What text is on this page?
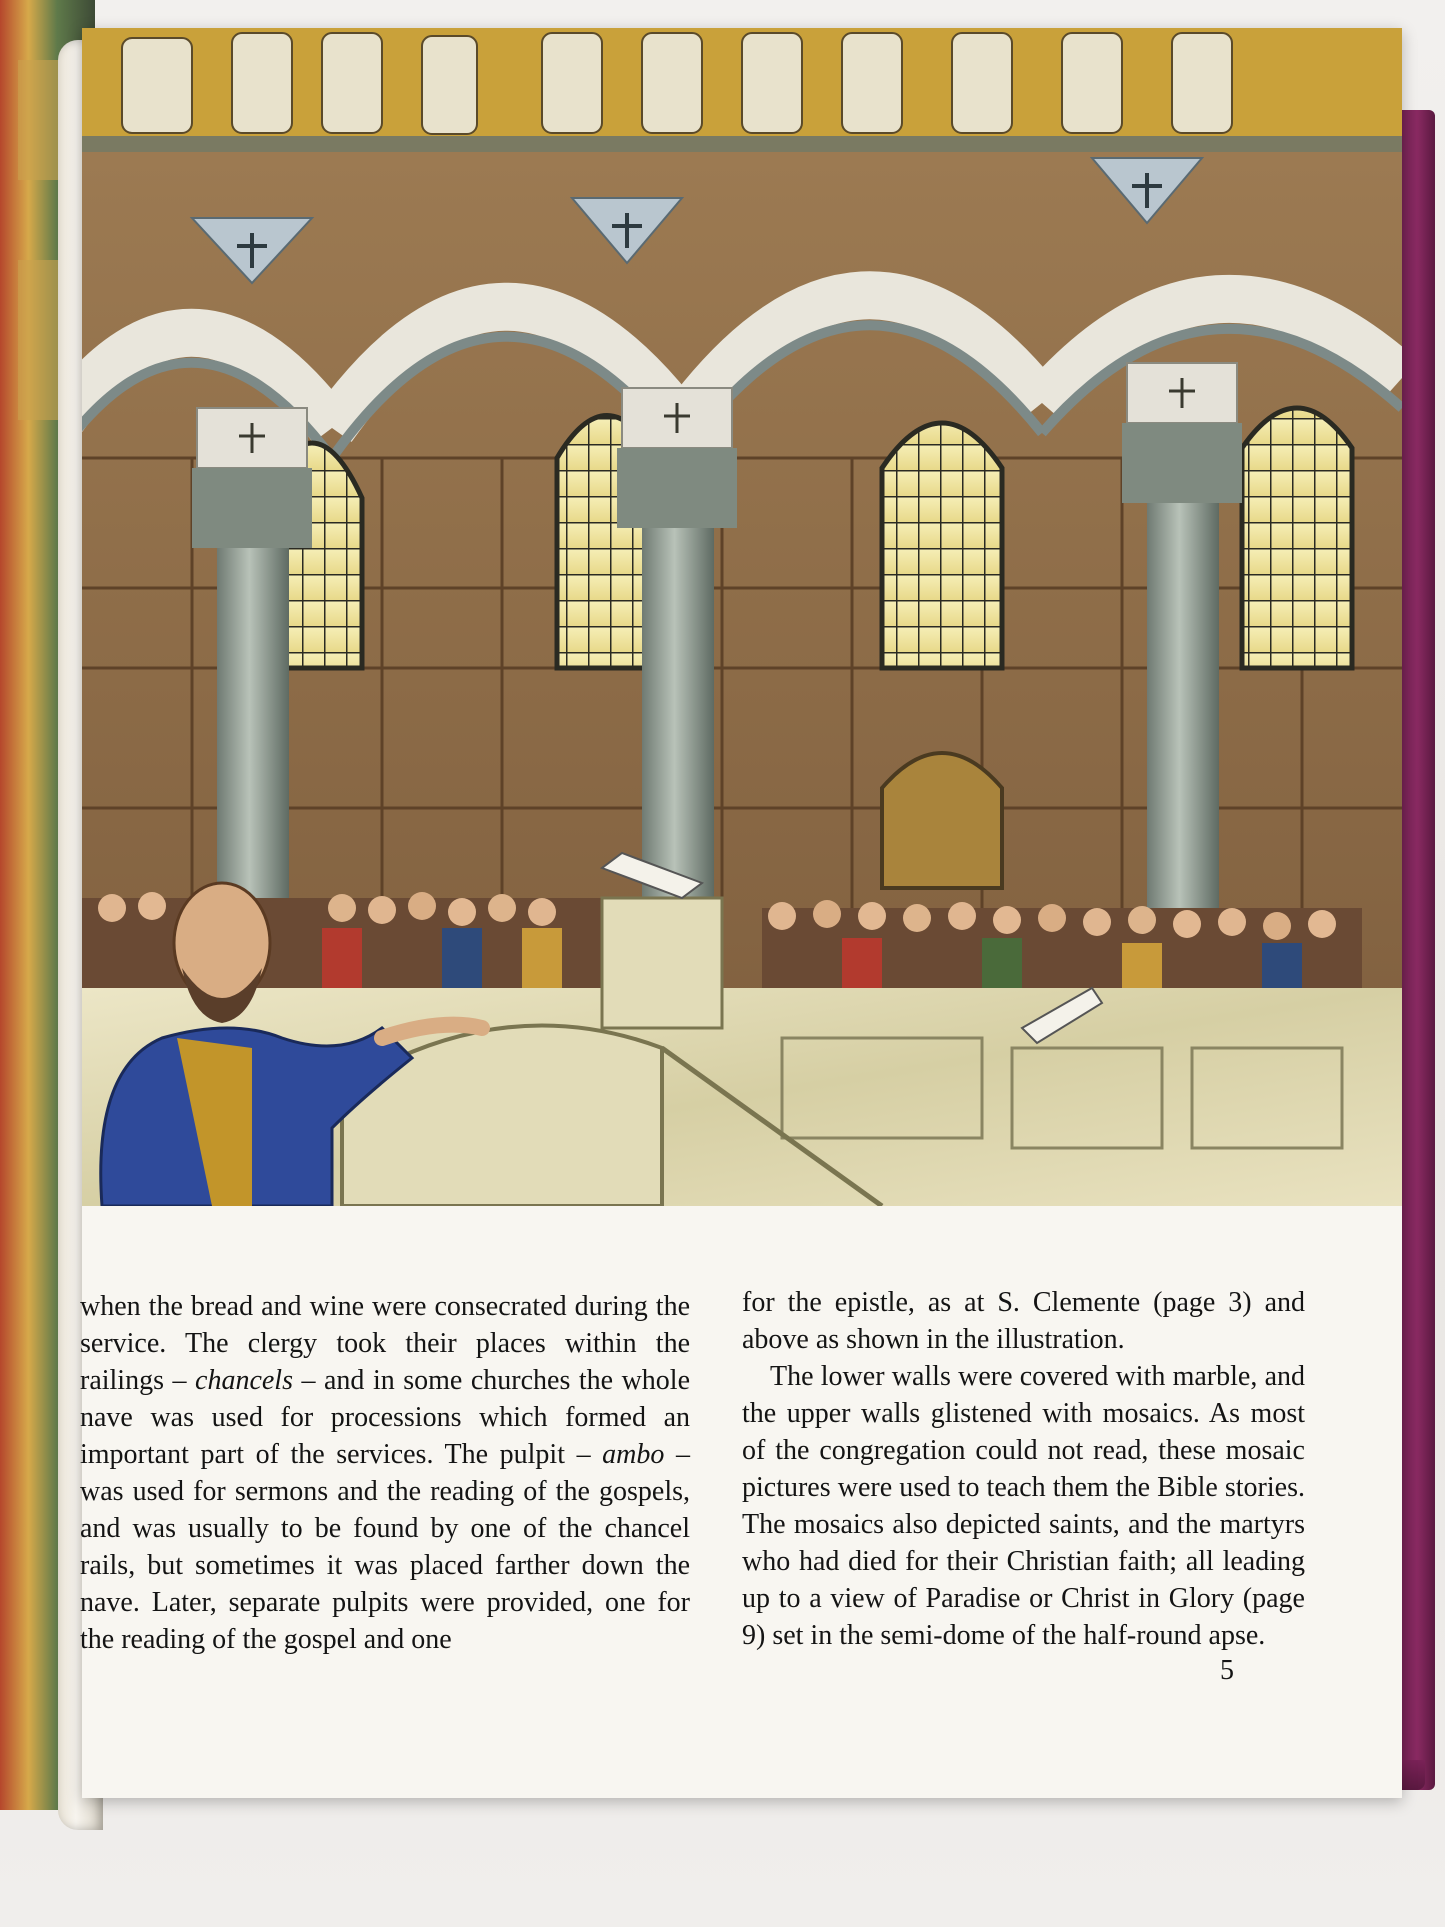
when the bread and wine were consecrated during the service. The clergy took their places within the railings – chancels – and in some churches the whole nave was used for processions which formed an important part of the services. The pulpit – ambo – was used for sermons and the reading of the gospels, and was usually to be found by one of the chancel rails, but sometimes it was placed farther down the nave. Later, separate pulpits were provided, one for the reading of the gospel and one

for the epistle, as at S. Clemente (page 3) and above as shown in the illustration.

The lower walls were covered with marble, and the upper walls glistened with mosaics. As most of the congregation could not read, these mosaic pictures were used to teach them the Bible stories. The mosaics also depicted saints, and the martyrs who had died for their Christian faith; all leading up to a view of Paradise or Christ in Glory (page 9) set in the semi-dome of the half-round apse.

5
